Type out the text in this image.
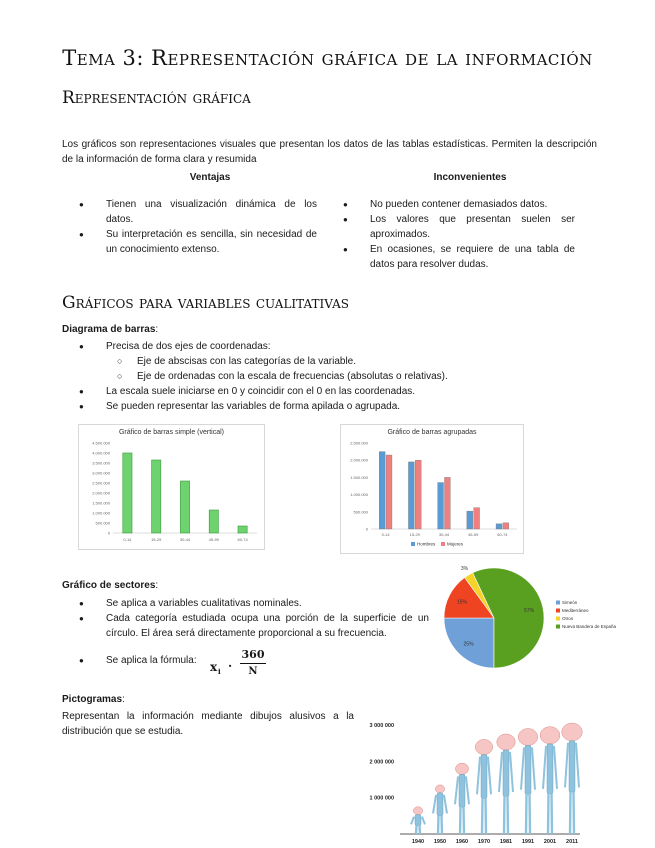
Tema 3: Representación gráfica de la información
Representación gráfica
Los gráficos son representaciones visuales que presentan los datos de las tablas estadísticas. Permiten la descripción de la información de forma clara y resumida
Ventajas	Inconvenientes
● Tienen una visualización dinámica de los datos.
● Su interpretación es sencilla, sin necesidad de un conocimiento extenso.
● No pueden contener demasiados datos.
● Los valores que presentan suelen ser aproximados.
● En ocasiones, se requiere de una tabla de datos para resolver dudas.
Gráficos para variables cualitativas
Diagrama de barras:
● Precisa de dos ejes de coordenadas:
○ Eje de abscisas con las categorías de la variable.
○ Eje de ordenadas con la escala de frecuencias (absolutas o relativas).
● La escala suele iniciarse en 0 y coincidir con el 0 en las coordenadas.
● Se pueden representar las variables de forma apilada o agrupada.
Gráfico de barras simple (vertical)
4.500.000
4.000.000
3.500.000
3.000.000
2.500.000
2.000.000
1.500.000
1.000.000
500.000
0
0-14	15-29	30-44	45-59	60-74
Gráfico de barras agrupadas
2.500.000
2.000.000
1.500.000
1.000.000
500.000
0
0-14	15-29	30-44	45-59	60-74
Hombres	Mujeres
Gráfico de sectores:
● Se aplica a variables cualitativas nominales.
● Cada categoría estudiada ocupa una porción de la superficie de un círculo. El área será directamente proporcional a su frecuencia.
● Se aplica la fórmula:	x i ·
360
N
25%
15%
3%
57%
Simeón
Mediterráneo
Otros
Nueva Bandera de España
Pictogramas:
Representan la información mediante dibujos alusivos a la distribución que se estudia.
3 000 000
2 000 000
1 000 000
1940 1950 1960 1970 1981 1991 2001 2011
